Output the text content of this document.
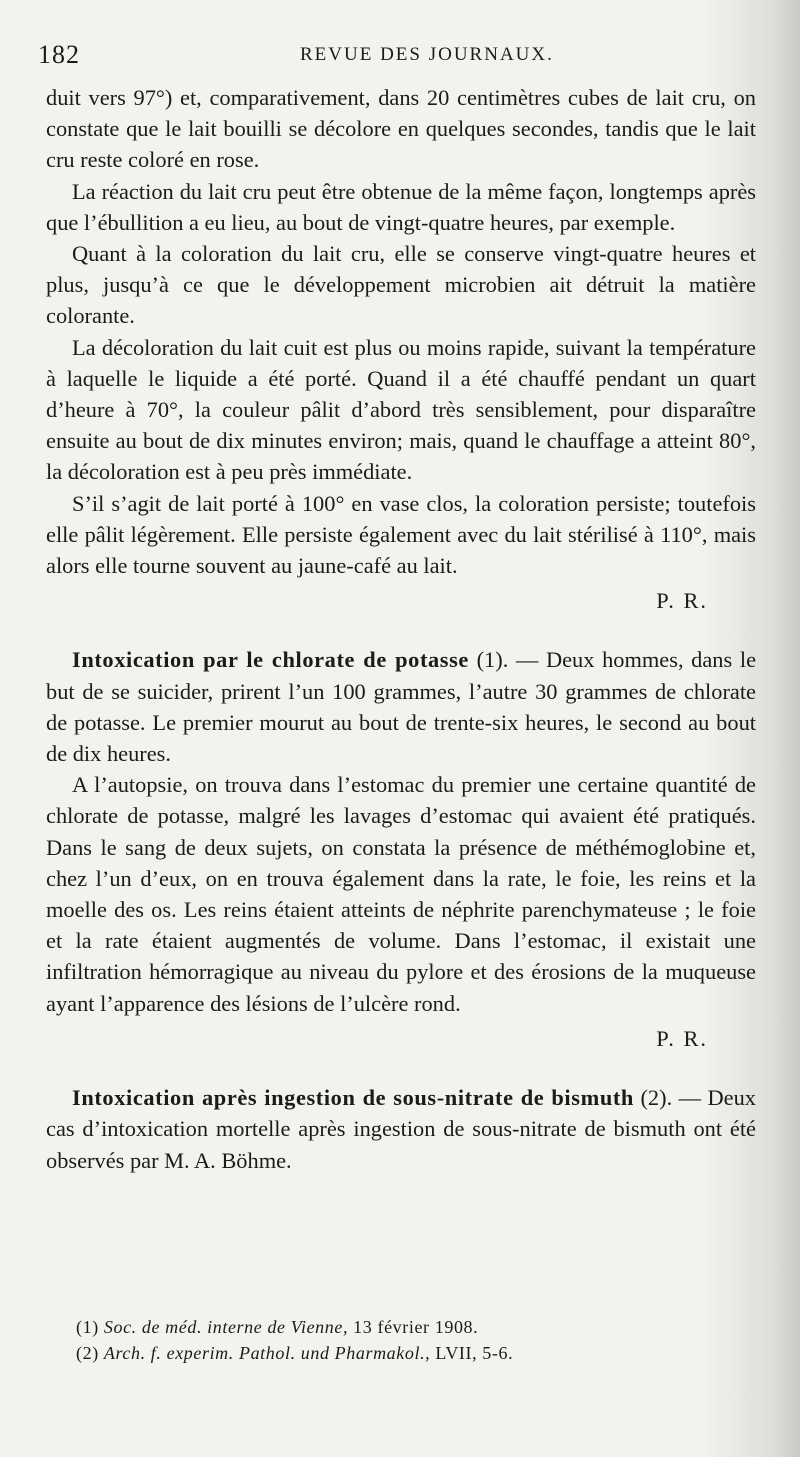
182	REVUE DES JOURNAUX.

duit vers 97°) et, comparativement, dans 20 centimètres cubes de lait cru, on constate que le lait bouilli se décolore en quelques secondes, tandis que le lait cru reste coloré en rose.

La réaction du lait cru peut être obtenue de la même façon, longtemps après que l’ébullition a eu lieu, au bout de vingt-quatre heures, par exemple.

Quant à la coloration du lait cru, elle se conserve vingt-quatre heures et plus, jusqu’à ce que le développement microbien ait détruit la matière colorante.

La décoloration du lait cuit est plus ou moins rapide, suivant la température à laquelle le liquide a été porté. Quand il a été chauffé pendant un quart d’heure à 70°, la couleur pâlit d’abord très sensiblement, pour disparaître ensuite au bout de dix minutes environ; mais, quand le chauffage a atteint 80°, la décoloration est à peu près immédiate.

S’il s’agit de lait porté à 100° en vase clos, la coloration persiste; toutefois elle pâlit légèrement. Elle persiste également avec du lait stérilisé à 110°, mais alors elle tourne souvent au jaune-café au lait.

P. R.

Intoxication par le chlorate de potasse (1). — Deux hommes, dans le but de se suicider, prirent l’un 100 grammes, l’autre 30 grammes de chlorate de potasse. Le premier mourut au bout de trente-six heures, le second au bout de dix heures.

A l’autopsie, on trouva dans l’estomac du premier une certaine quantité de chlorate de potasse, malgré les lavages d’estomac qui avaient été pratiqués. Dans le sang de deux sujets, on constata la présence de méthémoglobine et, chez l’un d’eux, on en trouva également dans la rate, le foie, les reins et la moelle des os. Les reins étaient atteints de néphrite parenchymateuse ; le foie et la rate étaient augmentés de volume. Dans l’estomac, il existait une infiltration hémorragique au niveau du pylore et des érosions de la muqueuse ayant l’apparence des lésions de l’ulcère rond.

P. R.

Intoxication après ingestion de sous-nitrate de bismuth (2). — Deux cas d’intoxication mortelle après ingestion de sous-nitrate de bismuth ont été observés par M. A. Böhme.

(1) Soc. de méd. interne de Vienne, 13 février 1908.

(2) Arch. f. experim. Pathol. und Pharmakol., LVII, 5-6.
